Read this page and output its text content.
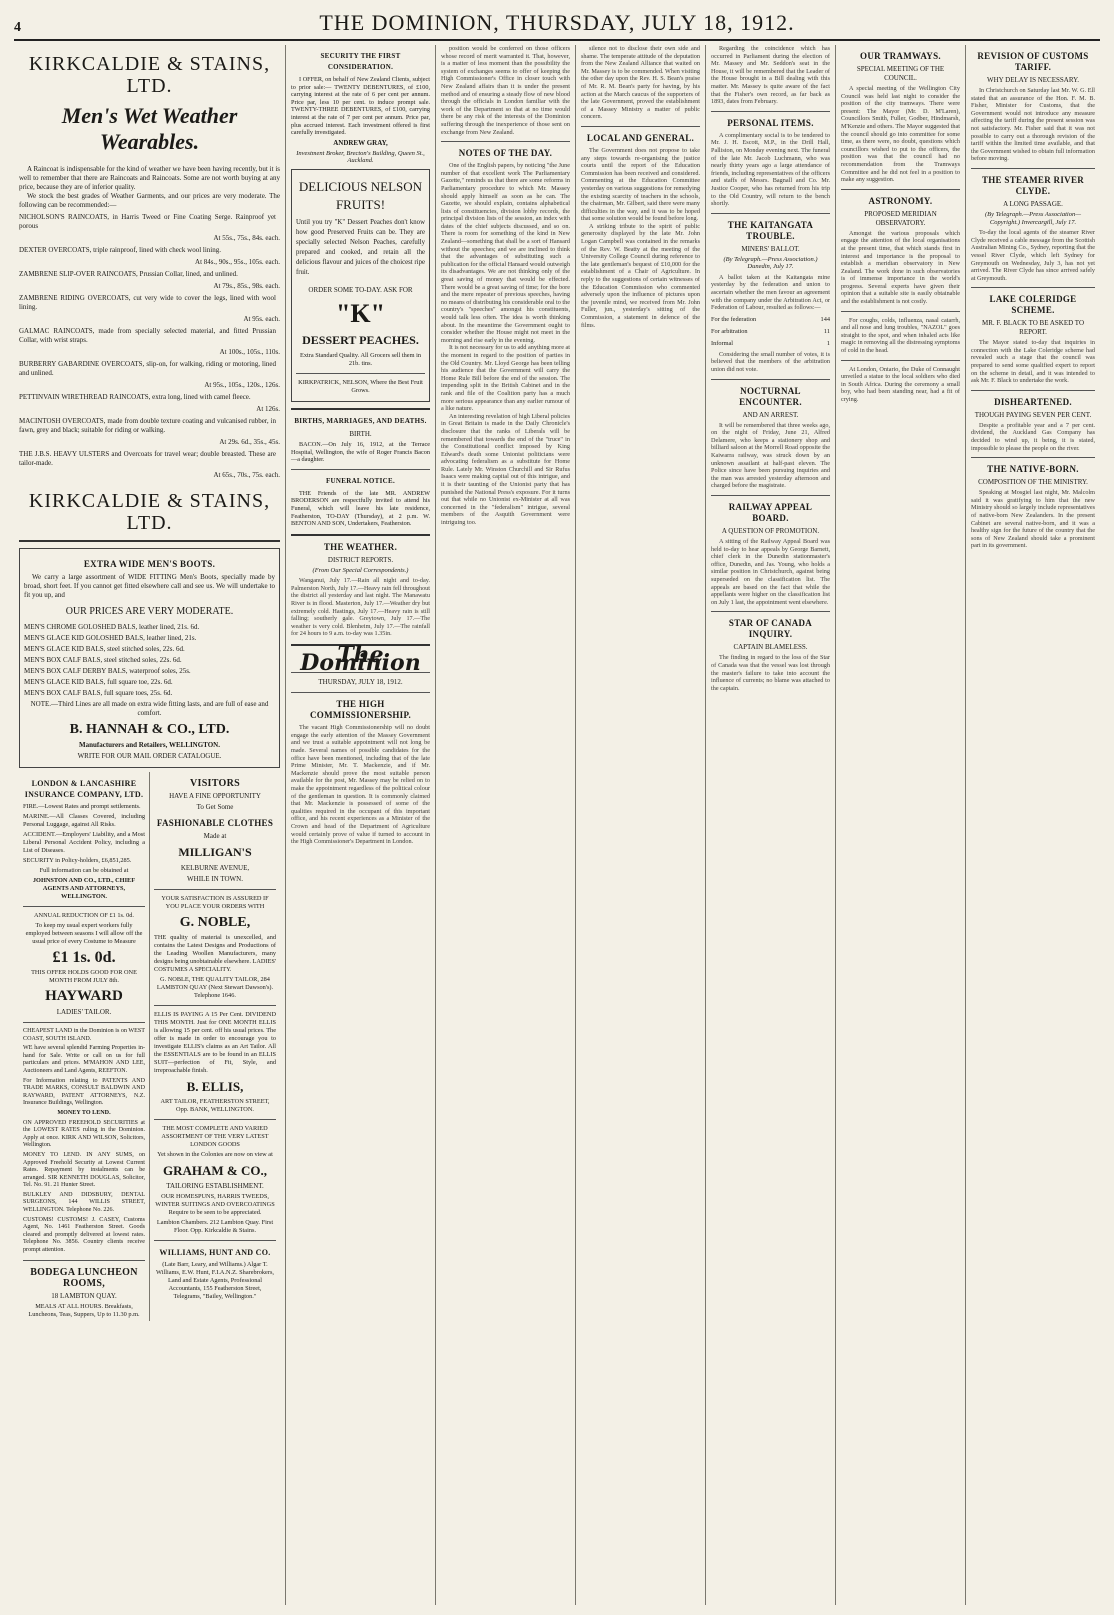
4	THE DOMINION, THURSDAY, JULY 18, 1912.
KIRKCALDIE & STAINS, LTD.
Men's Wet Weather Wearables.

A Raincoat is indispensable for the kind of weather we have been having recently, but it is well to remember that there are Raincoats and Raincoats. Some are not worth buying at any price, because they are of inferior quality.

We stock the best grades of Weather Garments, and our prices are very moderate. The following can be recommended:—

NICHOLSON'S RAINCOATS, in Harris Tweed or Fine Coating Serge. Rainproof yet porous
At 55s., 75s., 84s. each.
DEXTER OVERCOATS, triple rainproof, lined with check wool lining.
At 84s., 90s., 95s., 105s. each.
ZAMBRENE SLIP-OVER RAINCOATS, Prussian Collar, lined, and unlined.
At 79s., 85s., 98s. each.
ZAMBRENE RIDING OVERCOATS, cut very wide to cover the legs, lined with wool lining.
At 95s. each.
GALMAC RAINCOATS, made from specially selected material, and fitted Prussian Collar, with wrist straps.
At 100s., 105s., 110s.
BURBERRY GABARDINE OVERCOATS, slip-on, for walking, riding or motoring, lined and unlined.
At 95s., 105s., 120s., 126s.
PETTINVAIN WIRETHREAD RAINCOATS, extra long, lined with camel fleece.
At 126s.
MACINTOSH OVERCOATS, made from double texture coating and vulcanised rubber, in fawn, grey and black; suitable for riding or walking.
At 29s. 6d., 35s., 45s.
THE J.B.S. HEAVY ULSTERS and Overcoats for travel wear; double breasted. These are tailor-made.
At 65s., 70s., 75s. each.
KIRKCALDIE & STAINS, LTD.
EXTRA WIDE MEN'S BOOTS.

We carry a large assortment of WIDE FITTING Men's Boots, specially made by broad, short feet. If you cannot get fitted elsewhere call and see us. We will undertake to fit you up, and

OUR PRICES ARE VERY MODERATE.
MEN'S CHROME GOLOSHED BALS, leather lined, 21s. 6d.
MEN'S GLACE KID GOLOSHED BALS, leather lined, 21s.
MEN'S GLACE KID BALS, steel stitched soles, 22s. 6d.
MEN'S BOX CALF BALS, steel stitched soles, 22s. 6d.
MEN'S BOX CALF DERBY BALS, waterproof soles, 25s.
MEN'S GLACE KID BALS, full square toe, 22s. 6d.
MEN'S BOX CALF BALS, full square toes, 25s. 6d.

NOTE.—Third Lines are all made on extra wide fitting lasts, and are full of ease and comfort.

B. HANNAH & CO., LTD.
Manufacturers and Retailers, WELLINGTON.
WRITE FOR OUR MAIL ORDER CATALOGUE.
LONDON & LANCASHIRE INSURANCE COMPANY, LTD.

FIRE.—Lowest Rates and prompt settlements.

MARINE.—All Classes Covered, including Personal Luggage, against All Risks.

ACCIDENT.—Employers' Liability, and a Most Liberal Personal Accident Policy, including a List of Diseases.

SECURITY in Policy-holders, £6,851,285.

Full information can be obtained at

JOHNSTON AND CO., LTD., CHIEF AGENTS AND ATTORNEYS, WELLINGTON.

ANNUAL REDUCTION OF £1 1s. 0d.

To keep my usual expert workers fully employed between seasons I will allow off the usual price of every Costume to Measure

£1 1s. 0d.

THIS OFFER HOLDS GOOD FOR ONE MONTH FROM JULY 8th.

HAYWARD
LADIES' TAILOR.

CHEAPEST LAND in the Dominion is on WEST COAST, SOUTH ISLAND.

WE have several splendid Farming Properties in-hand for Sale. Write or call on us for full particulars and prices. M'MAHON AND LEE, Auctioneers and Land Agents, REEFTON.

For Information relating to PATENTS AND TRADE MARKS, CONSULT BALDWIN AND RAYWARD, PATENT ATTORNEYS, N.Z. Insurance Buildings, Wellington.

MONEY TO LEND.

ON APPROVED FREEHOLD SECURITIES at the LOWEST RATES ruling in the Dominion. Apply at once. KIRK AND WILSON, Solicitors, Wellington.

MONEY TO LEND. IN ANY SUMS, on Approved Freehold Security at Lowest Current Rates. Repayment by instalments can be arranged. SIR KENNETH DOUGLAS, Solicitor, Tel. No. 91. 21 Hunter Street.

BULKLEY AND DIDSBURY, DENTAL SURGEONS, 144 WILLIS STREET, WELLINGTON. Telephone No. 226.

CUSTOMS! CUSTOMS! J. CASEY, Customs Agent, No. 1461 Featherston Street. Goods cleared and promptly delivered at lowest rates. Telephone No. 3856. Country clients receive prompt attention.

BODEGA LUNCHEON ROOMS,
18 LAMBTON QUAY.

MEALS AT ALL HOURS. Breakfasts, Luncheons, Teas, Suppers, Up to 11.30 p.m.

VISITORS
HAVE A FINE OPPORTUNITY
To Get Some
FASHIONABLE CLOTHES
Made at
MILLIGAN'S
KELBURNE AVENUE,
WHILE IN TOWN.

YOUR SATISFACTION IS ASSURED IF YOU PLACE YOUR ORDERS WITH

G. NOBLE,

THE quality of material is unexcelled, and contains the Latest Designs and Productions of the Leading Woollen Manufacturers, many designs being unobtainable elsewhere. LADIES' COSTUMES A SPECIALITY.

G. NOBLE, THE QUALITY TAILOR, 284 LAMBTON QUAY (Next Stewart Dawson's). Telephone 1646.

ELLIS IS PAYING A 15 Per Cent. DIVIDEND THIS MONTH. Just for ONE MONTH ELLIS is allowing 15 per cent. off his usual prices. The offer is made in order to encourage you to investigate ELLIS's claims as an Art Tailor. All the ESSENTIALS are to be found in an ELLIS SUIT—perfection of Fit, Style, and irreproachable finish.

B. ELLIS,

ART TAILOR, FEATHERSTON STREET, Opp. BANK, WELLINGTON.

THE MOST COMPLETE AND VARIED ASSORTMENT OF THE VERY LATEST LONDON GOODS

Yet shown in the Colonies are now on view at

GRAHAM & CO.,
TAILORING ESTABLISHMENT.

OUR HOMESPUNS, HARRIS TWEEDS, WINTER SUITINGS AND OVERCOATINGS Require to be seen to be appreciated.

Lambton Chambers. 212 Lambton Quay. First Floor. Opp. Kirkcaldie & Stains.

WILLIAMS, HUNT AND CO.

(Late Barr, Leary, and Williams.) Algar T. Williams, E.W. Hunt, F.I.A.N.Z. Sharebrokers, Land and Estate Agents, Professional Accountants, 155 Featherston Street, Telegrams, "Bailey, Wellington."

SECURITY THE FIRST CONSIDERATION.

I OFFER, on behalf of New Zealand Clients, subject to prior sale:— TWENTY DEBENTURES, of £100, carrying interest at the rate of 6 per cent per annum. Price par, less 10 per cent. to induce prompt sale. TWENTY-THREE DEBENTURES, of £100, carrying interest at the rate of 7 per cent per annum. Price par, plus accrued interest. Each investment offered is first carefully investigated.

ANDREW GRAY,
Investment Broker, Brecton's Building, Queen St., Auckland.
DELICIOUS NELSON FRUITS!

Until you try "K" Dessert Peaches don't know how good Preserved Fruits can be. They are specially selected Nelson Peaches, carefully prepared and cooked, and retain all the delicious flavour and juices of the choicest ripe fruit.

ORDER SOME TO-DAY. ASK FOR
"K"
DESSERT PEACHES.

Extra Standard Quality. All Grocers sell them in 21b. tins.

KIRKPATRICK, NELSON, Where the Best Fruit Grows.

BIRTHS, MARRIAGES, AND DEATHS.
BIRTH.

BACON.—On July 16, 1912, at the Terrace Hospital, Wellington, the wife of Roger Francis Bacon—a daughter.

FUNERAL NOTICE.

THE Friends of the late MR. ANDREW BRODERSON are respectfully invited to attend his Funeral, which will leave his late residence, Featherston, TO-DAY (Thursday), at 2 p.m. W. BENTON AND SON, Undertakers, Featherston.

THE WEATHER.
DISTRICT REPORTS.
(From Our Special Correspondents.)

Wanganui, July 17.—Rain all night and to-day. Palmerston North, July 17.—Heavy rain fell throughout the district all yesterday and last night. The Manawatu River is in flood. Masterton, July 17.—Weather dry but extremely cold. Hastings, July 17.—Heavy rain is still falling; southerly gale. Greytown, July 17.—The weather is very cold. Blenheim, July 17.—The rainfall for 24 hours to 9 a.m. to-day was 1.35in.

The Dominion
THURSDAY, JULY 18, 1912.
THE HIGH COMMISSIONERSHIP.

The vacant High Commissionership will no doubt engage the early attention of the Massey Government and we trust a suitable appointment will not long be made. Several names of possible candidates for the office have been mentioned, including that of the late Prime Minister, Mr. T. Mackenzie, and if Mr. Mackenzie should prove the most suitable person available for the post, Mr. Massey may be relied on to make the appointment regardless of the political colour of the gentleman in question. It is commonly claimed that Mr. Mackenzie is possessed of some of the qualities required in the occupant of this important office, and his recent experiences as a Minister of the Crown and head of the Department of Agriculture would certainly prove of value if turned to account in the High Commissioner's Department in London.

position would be conferred on those officers whose record of merit warranted it. That, however, is a matter of less moment than the possibility the system of exchanges seems to offer of keeping the High Commissioner's Office in closer touch with New Zealand affairs than it is under the present method and of ensuring a steady flow of new blood through the officials in London familiar with the work of the Department so that at no time would there be any risk of the interests of the Dominion suffering through the inexperience of those sent on exchange from New Zealand.

NOTES OF THE DAY.

One of the English papers, by noticing "the June number of that excellent work The Parliamentary Gazette," reminds us that there are some reforms in Parliamentary procedure to which Mr. Massey should apply himself as soon as he can. The Gazette, we should explain, contains alphabetical lists of constituencies, division lobby records, the principal division lists of the session, an index with dates of the chief subjects discussed, and so on. There is room for something of the kind in New Zealand—something that shall be a sort of Hansard without the speeches; and we are inclined to think that the advantages of substituting such a publication for the official Hansard would outweigh its disadvantages. We are not thinking only of the great saving of money that would be effected. There would be a great saving of time; for the bore and the mere repeater of previous speeches, having no means of distributing his considerable oral to the country's "speeches" amongst his constituents, would talk less often. The idea is worth thinking about. In the meantime the Government ought to consider whether the House might not meet in the morning and rise early in the evening.

It is not necessary for us to add anything more at the moment in regard to the position of parties in the Old Country. Mr. Lloyd George has been telling his audience that the Government will carry the Home Rule Bill before the end of the session. The impending split in the British Cabinet and in the rank and file of the Coalition party has a much more serious appearance than any earlier rumour of a like nature.

An interesting revelation of high Liberal policies in Great Britain is made in the Daily Chronicle's disclosure that the ranks of Liberals will be remembered that towards the end of the "truce" in the Constitutional conflict imposed by King Edward's death some Unionist politicians were advocating federalism as a substitute for Home Rule. Lately Mr. Winston Churchill and Sir Rufus Isaacs were making capital out of this intrigue, and it is their taunting of the Unionist party that has punished the National Press's exposure. For it turns out that while no Unionist ex-Minister at all was concerned in the "federalism" intrigue, several members of the Asquith Government were intriguing too.

silence not to disclose their own side and shame. The temperate attitude of the deputation from the New Zealand Alliance that waited on Mr. Massey is to be commended. When visiting the other day upon the Rev. H. S. Bean's praise of Mr. R. M. Bean's party for having, by his action at the March caucus of the supporters of the late Government, proved the establishment of a Massey Ministry a matter of public concern.

LOCAL AND GENERAL.

The Government does not propose to take any steps towards re-organising the justice courts until the report of the Education Commission has been received and considered. Commenting at the Education Committee yesterday on various suggestions for remedying the existing scarcity of teachers in the schools, the chairman, Mr. Gilbert, said there were many difficulties in the way, and it was to be hoped that some solution would be found before long.

A striking tribute to the spirit of public generosity displayed by the late Mr. John Logan Campbell was contained in the remarks of the Rev. W. Beatty at the meeting of the University College Council during reference to the late gentleman's bequest of £10,000 for the establishment of a Chair of Agriculture. In reply to the suggestions of certain witnesses of the Education Commission who commented adversely upon the influence of pictures upon the juvenile mind, we received from Mr. John Fuller, jun., yesterday's sitting of the Commission, a statement in defence of the films.

Regarding the coincidence which has occurred in Parliament during the election of Mr. Massey and Mr. Seddon's seat in the House, it will be remembered that the Leader of the House brought in a Bill dealing with this matter. Mr. Massey is quite aware of the fact that the Fisher's own record, as far back as 1893, dates from February.

PERSONAL ITEMS.

A complimentary social is to be tendered to Mr. J. H. Escott, M.P., in the Drill Hall, Palliston, on Monday evening next. The funeral of the late Mr. Jacob Luchmann, who was nearly thirty years ago a large attendance of friends, including representatives of the officers and staffs of Messrs. Bagnall and Co. Mr. Justice Cooper, who has returned from his trip to the Old Country, will return to the bench shortly.

THE KAITANGATA TROUBLE.
MINERS' BALLOT.
(By Telegraph.—Press Association.) Dunedin, July 17.

A ballot taken at the Kaitangata mine yesterday by the federation and union to ascertain whether the men favour an agreement with the company under the Arbitration Act, or Federation of Labour, resulted as follows:—

For the federation	144
For arbitration	11
Informal	1

Considering the small number of votes, it is believed that the members of the arbitration union did not vote.

NOCTURNAL ENCOUNTER.
AND AN ARREST.

It will be remembered that three weeks ago, on the night of Friday, June 21, Alfred Delamere, who keeps a stationery shop and billiard saloon at the Morrell Road opposite the Kaiwarra railway, was struck down by an unknown assailant at half-past eleven. The Police since have been pursuing inquiries and the man was arrested yesterday afternoon and charged before the magistrate.

RAILWAY APPEAL BOARD.
A QUESTION OF PROMOTION.

A sitting of the Railway Appeal Board was held to-day to hear appeals by George Barnett, chief clerk in the Dunedin stationmaster's office, Dunedin, and Jas. Young, who holds a similar position in Christchurch, against being superseded on the classification list. The appeals are based on the fact that while the appellants were higher on the classification list on July 1 last, the appointment went elsewhere.

STAR OF CANADA INQUIRY.
CAPTAIN BLAMELESS.

The finding in regard to the loss of the Star of Canada was that the vessel was lost through the master's failure to take into account the influence of currents; no blame was attached to the captain.

OUR TRAMWAYS.
SPECIAL MEETING OF THE COUNCIL.

A special meeting of the Wellington City Council was held last night to consider the position of the city tramways. There were present: The Mayor (Mr. D. M'Laren), Councillors Smith, Fuller, Godber, Hindmarsh, M'Kenzie and others. The Mayor suggested that the council should go into committee for some time, as there were, no doubt, questions which councillors wished to put to the officers, the position was that the council had no recommendation from the Tramways Committee and he did not feel in a position to make any suggestion.

ASTRONOMY.
PROPOSED MERIDIAN OBSERVATORY.

Amongst the various proposals which engage the attention of the local organisations at the present time, that which stands first in interest and importance is the proposal to establish a meridian observatory in New Zealand. The work done in such observatories is of immense importance in the world's progress. Several experts have given their opinion that a suitable site is easily obtainable and the establishment is not costly.

For coughs, colds, influenza, nasal catarrh, and all nose and lung troubles, "NAZOL" goes straight to the spot, and when inhaled acts like magic in removing all the distressing symptoms of cold in the head.

At London, Ontario, the Duke of Connaught unveiled a statue to the local soldiers who died in South Africa. During the ceremony a small boy, who had been standing near, had a fit of crying.

REVISION OF CUSTOMS TARIFF.
WHY DELAY IS NECESSARY.

In Christchurch on Saturday last Mr. W. G. Ell stated that an assurance of the Hon. F. M. B. Fisher, Minister for Customs, that the Government would not introduce any measure affecting the tariff during the present session was not satisfactory. Mr. Fisher said that it was not possible to carry out a thorough revision of the tariff within the limited time available, and that the Government wished to obtain full information before moving.

THE STEAMER RIVER CLYDE.
A LONG PASSAGE.
(By Telegraph.—Press Association—Copyright.) Invercargill, July 17.

To-day the local agents of the steamer River Clyde received a cable message from the Scottish Australian Mining Co., Sydney, reporting that the vessel River Clyde, which left Sydney for Greymouth on Wednesday, July 3, has not yet arrived. The River Clyde has since arrived safely at Greymouth.

LAKE COLERIDGE SCHEME.
MR. F. BLACK TO BE ASKED TO REPORT.

The Mayor stated to-day that inquiries in connection with the Lake Coleridge scheme had revealed such a stage that the council was prepared to send some qualified expert to report on the scheme in detail, and it was intended to ask Mr. F. Black to undertake the work.

DISHEARTENED.
THOUGH PAYING SEVEN PER CENT.

Despite a profitable year and a 7 per cent. dividend, the Auckland Gas Company has decided to wind up, it being, it is stated, impossible to please the people on the river.

THE NATIVE-BORN.
COMPOSITION OF THE MINISTRY.

Speaking at Mosgiel last night, Mr. Malcolm said it was gratifying to him that the new Ministry should so largely include representatives of native-born New Zealanders. In the present Cabinet are several native-born, and it was a healthy sign for the future of the country that the sons of New Zealand should take a prominent part in its government.
